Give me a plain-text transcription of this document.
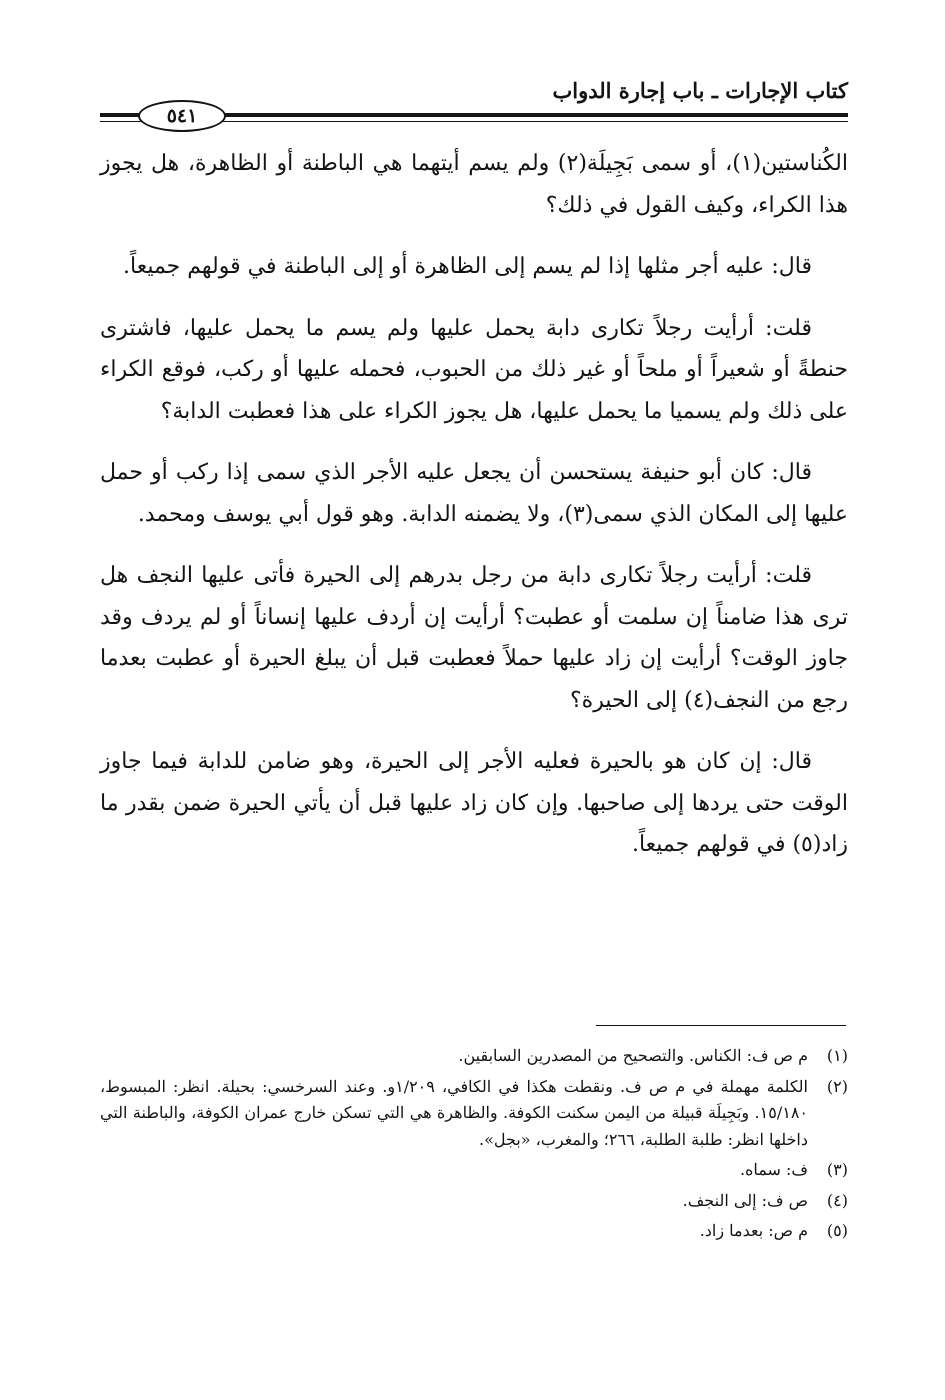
كتاب الإجارات ـ باب إجارة الدواب
٥٤١

الكُناستين(١)، أو سمى بَجِيلَة(٢) ولم يسم أيتهما هي الباطنة أو الظاهرة، هل يجوز هذا الكراء، وكيف القول في ذلك؟

قال: عليه أجر مثلها إذا لم يسم إلى الظاهرة أو إلى الباطنة في قولهم جميعاً.

قلت: أرأيت رجلاً تكارى دابة يحمل عليها ولم يسم ما يحمل عليها، فاشترى حنطةً أو شعيراً أو ملحاً أو غير ذلك من الحبوب، فحمله عليها أو ركب، فوقع الكراء على ذلك ولم يسميا ما يحمل عليها، هل يجوز الكراء على هذا فعطبت الدابة؟

قال: كان أبو حنيفة يستحسن أن يجعل عليه الأجر الذي سمى إذا ركب أو حمل عليها إلى المكان الذي سمى(٣)، ولا يضمنه الدابة. وهو قول أبي يوسف ومحمد.

قلت: أرأيت رجلاً تكارى دابة من رجل بدرهم إلى الحيرة فأتى عليها النجف هل ترى هذا ضامناً إن سلمت أو عطبت؟ أرأيت إن أردف عليها إنساناً أو لم يردف وقد جاوز الوقت؟ أرأيت إن زاد عليها حملاً فعطبت قبل أن يبلغ الحيرة أو عطبت بعدما رجع من النجف(٤) إلى الحيرة؟

قال: إن كان هو بالحيرة فعليه الأجر إلى الحيرة، وهو ضامن للدابة فيما جاوز الوقت حتى يردها إلى صاحبها. وإن كان زاد عليها قبل أن يأتي الحيرة ضمن بقدر ما زاد(٥) في قولهم جميعاً.

(١)
م ص ف: الكناس. والتصحيح من المصدرين السابقين.
(٢)
الكلمة مهملة في م ص ف. ونقطت هكذا في الكافي، ١/٢٠٩و. وعند السرخسي: بحيلة. انظر: المبسوط، ١٥/١٨٠. وبَجِيلَة قبيلة من اليمن سكنت الكوفة. والظاهرة هي التي تسكن خارج عمران الكوفة، والباطنة التي داخلها انظر: طلبة الطلبة، ٢٦٦؛ والمغرب، «بجل».
(٣)
ف: سماه.
(٤)
ص ف: إلى النجف.
(٥)
م ص: بعدما زاد.
